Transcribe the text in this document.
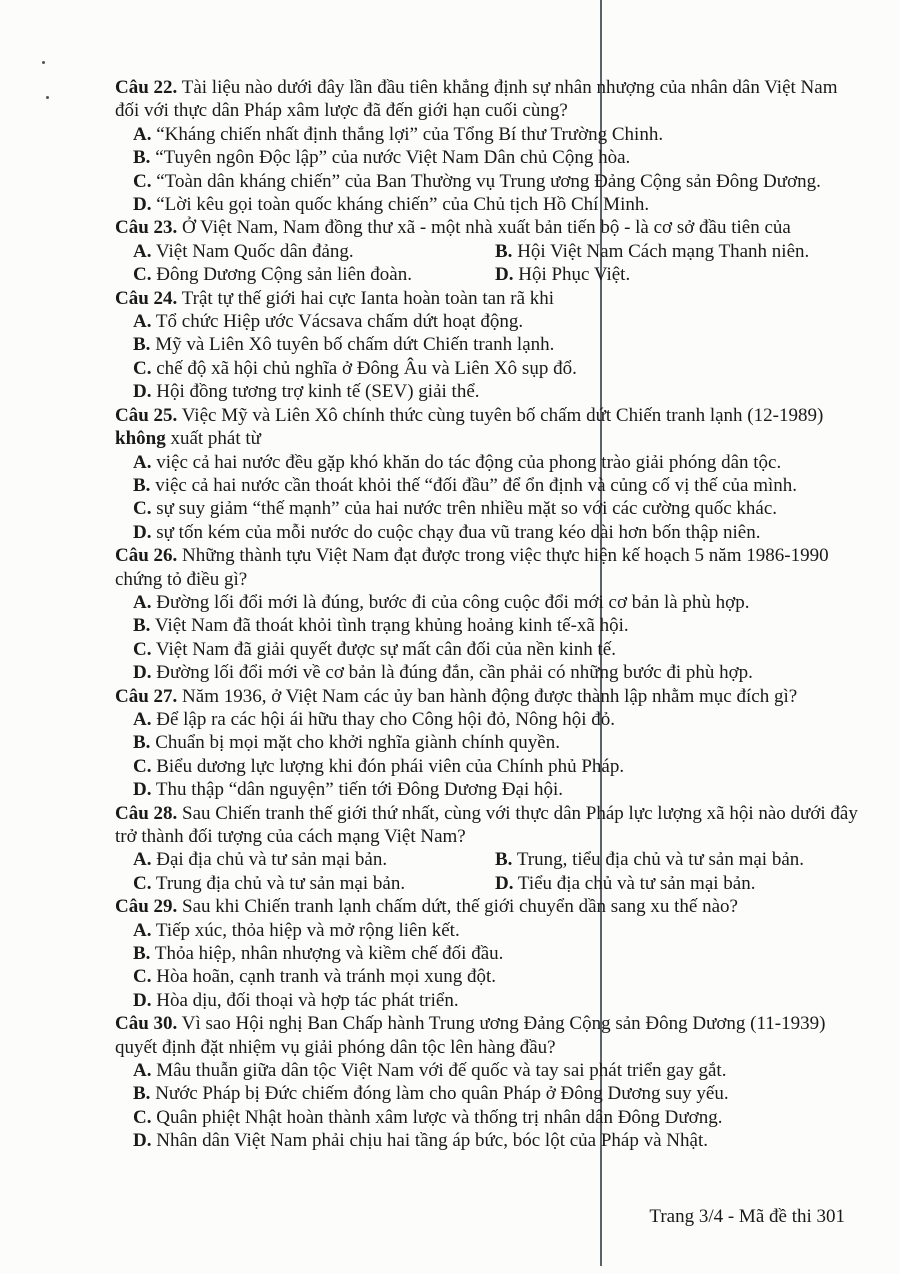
Câu 22. Tài liệu nào dưới đây lần đầu tiên khẳng định sự nhân nhượng của nhân dân Việt Nam đối với thực dân Pháp xâm lược đã đến giới hạn cuối cùng?

A. “Kháng chiến nhất định thắng lợi” của Tổng Bí thư Trường Chinh.
B. “Tuyên ngôn Độc lập” của nước Việt Nam Dân chủ Cộng hòa.
C. “Toàn dân kháng chiến” của Ban Thường vụ Trung ương Đảng Cộng sản Đông Dương.
D. “Lời kêu gọi toàn quốc kháng chiến” của Chủ tịch Hồ Chí Minh.

Câu 23. Ở Việt Nam, Nam đồng thư xã - một nhà xuất bản tiến bộ - là cơ sở đầu tiên của

A. Việt Nam Quốc dân đảng.	B. Hội Việt Nam Cách mạng Thanh niên.
C. Đông Dương Cộng sản liên đoàn.	D. Hội Phục Việt.

Câu 24. Trật tự thế giới hai cực Ianta hoàn toàn tan rã khi

A. Tổ chức Hiệp ước Vácsava chấm dứt hoạt động.
B. Mỹ và Liên Xô tuyên bố chấm dứt Chiến tranh lạnh.
C. chế độ xã hội chủ nghĩa ở Đông Âu và Liên Xô sụp đổ.
D. Hội đồng tương trợ kinh tế (SEV) giải thể.

Câu 25. Việc Mỹ và Liên Xô chính thức cùng tuyên bố chấm dứt Chiến tranh lạnh (12-1989) không xuất phát từ

A. việc cả hai nước đều gặp khó khăn do tác động của phong trào giải phóng dân tộc.
B. việc cả hai nước cần thoát khỏi thế “đối đầu” để ổn định và củng cố vị thế của mình.
C. sự suy giảm “thế mạnh” của hai nước trên nhiều mặt so với các cường quốc khác.
D. sự tốn kém của mỗi nước do cuộc chạy đua vũ trang kéo dài hơn bốn thập niên.

Câu 26. Những thành tựu Việt Nam đạt được trong việc thực hiện kế hoạch 5 năm 1986-1990 chứng tỏ điều gì?

A. Đường lối đổi mới là đúng, bước đi của công cuộc đổi mới cơ bản là phù hợp.
B. Việt Nam đã thoát khỏi tình trạng khủng hoảng kinh tế-xã hội.
C. Việt Nam đã giải quyết được sự mất cân đối của nền kinh tế.
D. Đường lối đổi mới về cơ bản là đúng đắn, cần phải có những bước đi phù hợp.

Câu 27. Năm 1936, ở Việt Nam các ủy ban hành động được thành lập nhằm mục đích gì?

A. Để lập ra các hội ái hữu thay cho Công hội đỏ, Nông hội đỏ.
B. Chuẩn bị mọi mặt cho khởi nghĩa giành chính quyền.
C. Biểu dương lực lượng khi đón phái viên của Chính phủ Pháp.
D. Thu thập “dân nguyện” tiến tới Đông Dương Đại hội.

Câu 28. Sau Chiến tranh thế giới thứ nhất, cùng với thực dân Pháp lực lượng xã hội nào dưới đây trở thành đối tượng của cách mạng Việt Nam?

A. Đại địa chủ và tư sản mại bản.	B. Trung, tiểu địa chủ và tư sản mại bản.
C. Trung địa chủ và tư sản mại bản.	D. Tiểu địa chủ và tư sản mại bản.

Câu 29. Sau khi Chiến tranh lạnh chấm dứt, thế giới chuyển dần sang xu thế nào?

A. Tiếp xúc, thỏa hiệp và mở rộng liên kết.
B. Thỏa hiệp, nhân nhượng và kiềm chế đối đầu.
C. Hòa hoãn, cạnh tranh và tránh mọi xung đột.
D. Hòa dịu, đối thoại và hợp tác phát triển.

Câu 30. Vì sao Hội nghị Ban Chấp hành Trung ương Đảng Cộng sản Đông Dương (11-1939) quyết định đặt nhiệm vụ giải phóng dân tộc lên hàng đầu?

A. Mâu thuẫn giữa dân tộc Việt Nam với đế quốc và tay sai phát triển gay gắt.
B. Nước Pháp bị Đức chiếm đóng làm cho quân Pháp ở Đông Dương suy yếu.
C. Quân phiệt Nhật hoàn thành xâm lược và thống trị nhân dân Đông Dương.
D. Nhân dân Việt Nam phải chịu hai tầng áp bức, bóc lột của Pháp và Nhật.
Trang 3/4 - Mã đề thi 301
